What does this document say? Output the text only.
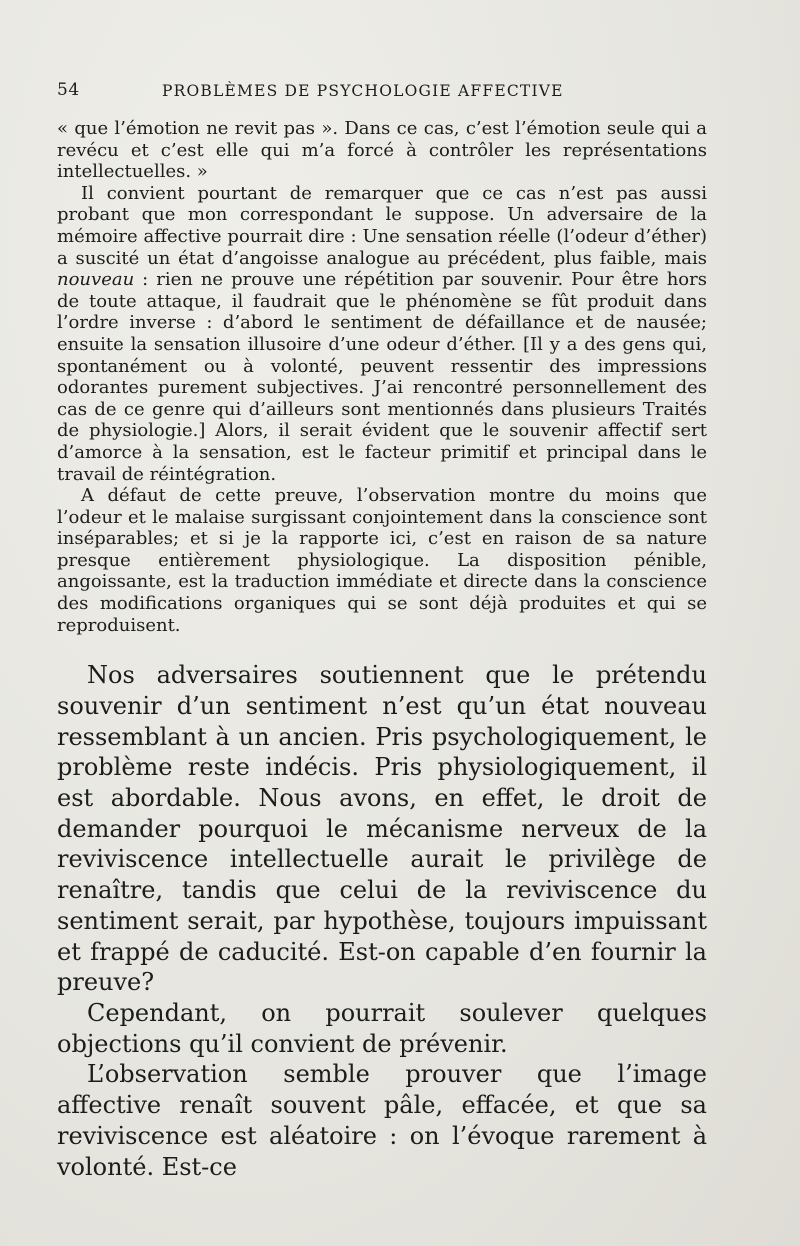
54	PROBLÈMES DE PSYCHOLOGIE AFFECTIVE

« que l’émotion ne revit pas ». Dans ce cas, c’est l’émotion seule qui a revécu et c’est elle qui m’a forcé à contrôler les représentations intellectuelles. »

Il convient pourtant de remarquer que ce cas n’est pas aussi probant que mon correspondant le suppose. Un adversaire de la mémoire affective pourrait dire : Une sensation réelle (l’odeur d’éther) a suscité un état d’angoisse analogue au précédent, plus faible, mais nouveau : rien ne prouve une répétition par souvenir. Pour être hors de toute attaque, il faudrait que le phénomène se fût produit dans l’ordre inverse : d’abord le sentiment de défaillance et de nausée; ensuite la sensation illusoire d’une odeur d’éther. [Il y a des gens qui, spontanément ou à volonté, peuvent ressentir des impressions odorantes purement subjectives. J’ai rencontré personnellement des cas de ce genre qui d’ailleurs sont mentionnés dans plusieurs Traités de physiologie.] Alors, il serait évident que le souvenir affectif sert d’amorce à la sensation, est le facteur primitif et principal dans le travail de réintégration.

A défaut de cette preuve, l’observation montre du moins que l’odeur et le malaise surgissant conjointement dans la conscience sont inséparables; et si je la rapporte ici, c’est en raison de sa nature presque entièrement physiologique. La disposition pénible, angoissante, est la traduction immédiate et directe dans la conscience des modifications organiques qui se sont déjà produites et qui se reproduisent.

Nos adversaires soutiennent que le prétendu souvenir d’un sentiment n’est qu’un état nouveau ressemblant à un ancien. Pris psychologiquement, le problème reste indécis. Pris physiologiquement, il est abordable. Nous avons, en effet, le droit de demander pourquoi le mécanisme nerveux de la reviviscence intellectuelle aurait le privilège de renaître, tandis que celui de la reviviscence du sentiment serait, par hypothèse, toujours impuissant et frappé de caducité. Est-on capable d’en fournir la preuve?

Cependant, on pourrait soulever quelques objections qu’il convient de prévenir.

L’observation semble prouver que l’image affective renaît souvent pâle, effacée, et que sa reviviscence est aléatoire : on l’évoque rarement à volonté. Est-ce
